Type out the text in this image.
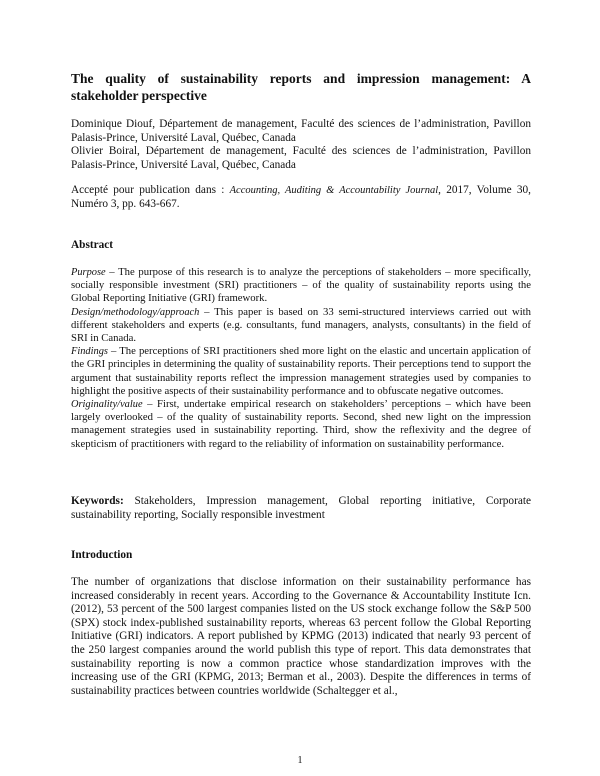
The quality of sustainability reports and impression management: A stakeholder perspective
Dominique Diouf, Département de management, Faculté des sciences de l’administration, Pavillon Palasis-Prince, Université Laval, Québec, Canada
Olivier Boiral, Département de management, Faculté des sciences de l’administration, Pavillon Palasis-Prince, Université Laval, Québec, Canada
Accepté pour publication dans : Accounting, Auditing & Accountability Journal, 2017, Volume 30, Numéro 3, pp. 643-667.
Abstract

Purpose – The purpose of this research is to analyze the perceptions of stakeholders – more specifically, socially responsible investment (SRI) practitioners – of the quality of sustainability reports using the Global Reporting Initiative (GRI) framework.

Design/methodology/approach – This paper is based on 33 semi-structured interviews carried out with different stakeholders and experts (e.g. consultants, fund managers, analysts, consultants) in the field of SRI in Canada.

Findings – The perceptions of SRI practitioners shed more light on the elastic and uncertain application of the GRI principles in determining the quality of sustainability reports. Their perceptions tend to support the argument that sustainability reports reflect the impression management strategies used by companies to highlight the positive aspects of their sustainability performance and to obfuscate negative outcomes.

Originality/value – First, undertake empirical research on stakeholders’ perceptions – which have been largely overlooked – of the quality of sustainability reports. Second, shed new light on the impression management strategies used in sustainability reporting. Third, show the reflexivity and the degree of skepticism of practitioners with regard to the reliability of information on sustainability performance.

Keywords: Stakeholders, Impression management, Global reporting initiative, Corporate sustainability reporting, Socially responsible investment
Introduction
The number of organizations that disclose information on their sustainability performance has increased considerably in recent years. According to the Governance & Accountability Institute Icn. (2012), 53 percent of the 500 largest companies listed on the US stock exchange follow the S&P 500 (SPX) stock index-published sustainability reports, whereas 63 percent follow the Global Reporting Initiative (GRI) indicators. A report published by KPMG (2013) indicated that nearly 93 percent of the 250 largest companies around the world publish this type of report. This data demonstrates that sustainability reporting is now a common practice whose standardization improves with the increasing use of the GRI (KPMG, 2013; Berman et al., 2003). Despite the differences in terms of sustainability practices between countries worldwide (Schaltegger et al.,
1
